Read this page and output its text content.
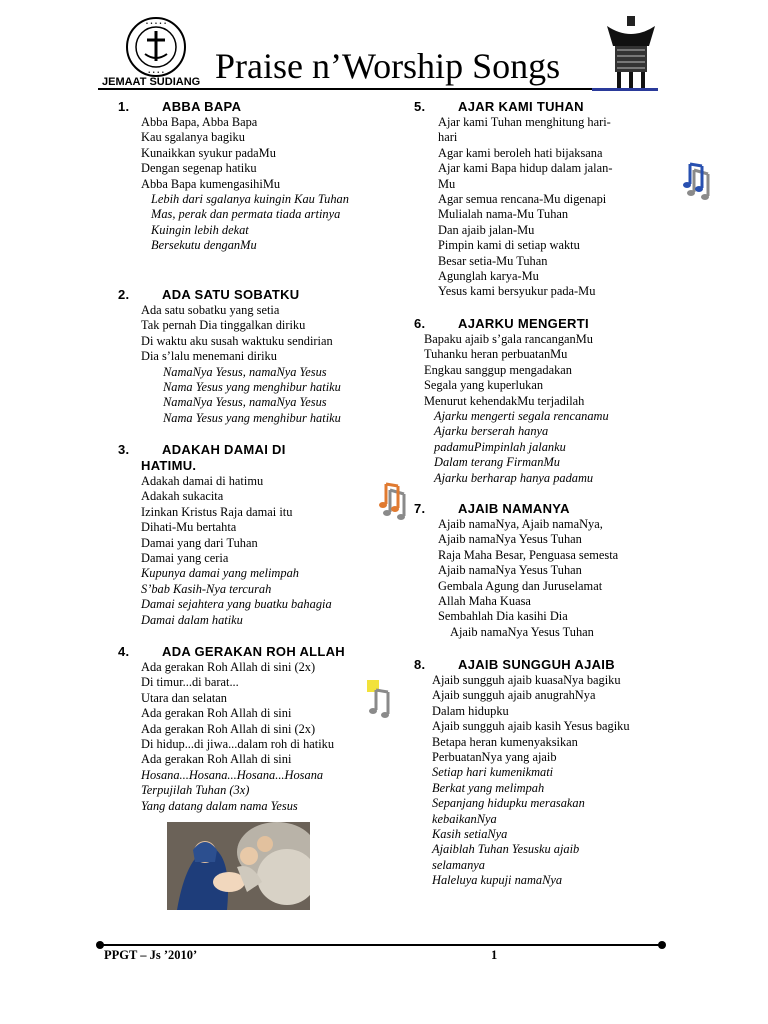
• • • • •
• • • •
JEMAAT SUDIANG Praise n’Worship Songs
1.	ABBA BAPA
Abba Bapa, Abba Bapa
Kau sgalanya bagiku
Kunaikkan syukur padaMu
Dengan segenap hatiku
Abba Bapa kumengasihiMu
Lebih dari sgalanya kuingin Kau Tuhan
Mas, perak dan permata tiada artinya
Kuingin lebih dekat
Bersekutu denganMu
2.	ADA SATU SOBATKU
Ada satu sobatku yang setia
Tak pernah Dia tinggalkan diriku
Di waktu aku susah waktuku sendirian
Dia s’lalu menemani diriku
NamaNya Yesus, namaNya Yesus
Nama Yesus yang menghibur hatiku
NamaNya Yesus, namaNya Yesus
Nama Yesus yang menghibur hatiku
3.	ADAKAH DAMAI DI
HATIMU.
Adakah damai di hatimu
Adakah sukacita
Izinkan Kristus Raja damai itu
Dihati-Mu bertahta
Damai yang dari Tuhan
Damai yang ceria
Kupunya damai yang melimpah
S’bab Kasih-Nya tercurah
Damai sejahtera yang buatku bahagia
Damai dalam hatiku
4.	ADA GERAKAN ROH ALLAH
Ada gerakan Roh Allah di sini (2x)
Di timur...di barat...
Utara dan selatan
Ada gerakan Roh Allah di sini
Ada gerakan Roh Allah di sini (2x)
Di hidup...di jiwa...dalam roh di hatiku
Ada gerakan Roh Allah di sini
Hosana...Hosana...Hosana...Hosana
Terpujilah Tuhan (3x)
Yang datang dalam nama Yesus
5.	AJAR KAMI TUHAN
Ajar kami Tuhan menghitung hari-
hari
Agar kami beroleh hati bijaksana
Ajar kami Bapa hidup dalam jalan-
Mu
Agar semua rencana-Mu digenapi
Mulialah nama-Mu Tuhan
Dan ajaib jalan-Mu
Pimpin kami di setiap waktu
Besar setia-Mu Tuhan
Agunglah karya-Mu
Yesus kami bersyukur pada-Mu
6.	AJARKU MENGERTI
Bapaku ajaib s’gala rancanganMu
Tuhanku heran perbuatanMu
Engkau sanggup mengadakan
Segala yang kuperlukan
Menurut kehendakMu terjadilah
Ajarku mengerti segala rencanamu
Ajarku berserah hanya
padamuPimpinlah jalanku
Dalam terang FirmanMu
Ajarku berharap hanya padamu
7.	AJAIB NAMANYA
Ajaib namaNya, Ajaib namaNya,
Ajaib namaNya Yesus Tuhan
Raja Maha Besar, Penguasa semesta
Ajaib namaNya Yesus Tuhan
Gembala Agung dan Juruselamat
Allah Maha Kuasa
Sembahlah Dia kasihi Dia
Ajaib namaNya Yesus Tuhan
8.	AJAIB SUNGGUH AJAIB
Ajaib sungguh ajaib kuasaNya bagiku
Ajaib sungguh ajaib anugrahNya
Dalam hidupku
Ajaib sungguh ajaib kasih Yesus bagiku
Betapa heran kumenyaksikan
PerbuatanNya yang ajaib
Setiap hari kumenikmati
Berkat yang melimpah
Sepanjang hidupku merasakan
kebaikanNya
Kasih setiaNya
Ajaiblah Tuhan Yesusku ajaib
selamanya
Haleluya kupuji namaNya
PPGT – Js ’2010’	1
